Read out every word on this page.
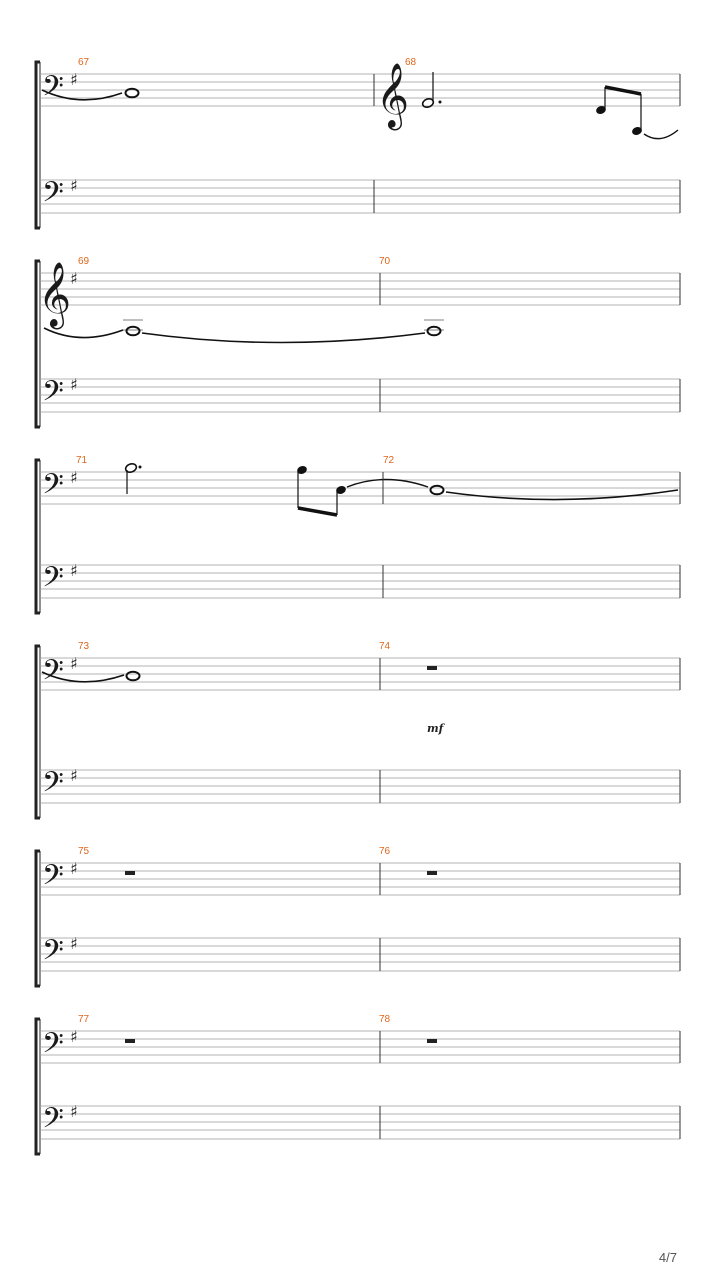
𝄢 ♯
67	68
𝄞
𝄢 ♯
𝄞
♯
69	70
𝄢 ♯
𝄢 ♯
71	72
𝄢 ♯
𝄢 ♯
73	74
mf
𝄢 ♯
𝄢 ♯
75	76
𝄢 ♯
𝄢 ♯
77	78
𝄢 ♯
4/7
